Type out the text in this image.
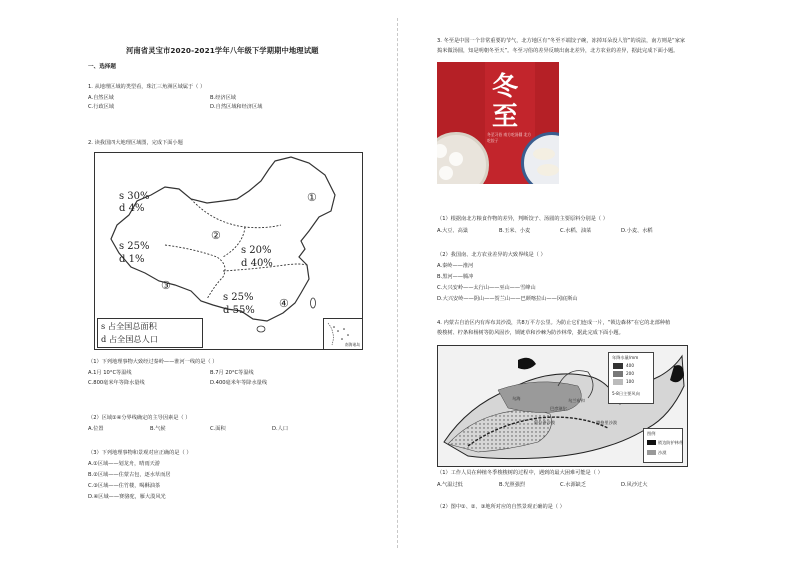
河南省灵宝市2020-2021学年八年级下学期期中地理试题
一、选择题
1. 从地理区域的类型看，珠江三角洲区域属于（ ）
A.自然区域	B.经济区域
C.行政区域	D.自然区域和经济区域
2. 读我国四大地理区域图，完成下面小题
s 30%
d 4%
s 25%
d 1%
s 20%
d 40%
s 25%
d 55%
①
②
③
④
s 占全国总面积
d 占全国总人口
南海诸岛
（1）下列地理事物大致经过秦岭——淮河一线的是（ ）
A.1月 10°C等温线	B.7月 20°C等温线
C.800毫米年等降水量线	D.400毫米年等降水量线
（2）区域①④分界线确定的主导因素是（ ）
A.位置	B.气候	C.面积	D.人口
（3）下列地理事物和景观对应正确的是（ ）
A.①区域——划龙舟，晴雨天游
B.②区域——住蒙古包，逐水草而居
C.③区域——住竹楼，喝酥油茶
D.④区域——赛骆驼，雁大漠风光
3. 冬至是中国一个非常重要的节气，北方地区有“冬至不端饺子碗，冻掉耳朵没人管”的说法，南方则是“家家
捣米做汤圆，知是明朝冬至天”。冬至习俗的差异反映出南北差异，北方农业的差异，据此完成下面小题。
冬
至
冬至习俗 南方吃汤圆 北方吃饺子
（1）根据南北方粮食作物的差异，判断饺子、汤圆的主要原料分别是（ ）
A.大豆、高粱	B.玉米、小麦	C.水稻、油菜	D.小麦、水稻
（2）我国南、北方农业差异的大致界线是（ ）
A.秦岭——淮河
B.黑河——腾冲
C.大兴安岭——太行山——巫山——雪峰山
D.大兴安岭——阴山——贺兰山——巴颜喀拉山——冈底斯山
4. 内蒙古自治区内有库布其沙漠，共8万平方公里。为防止它们连成一片，“锁边森林”在它的北部种植
梭梭树、柠条和杨树等防风固沙，锁链草和沙棘为防沙林带，据此完成下面小题。
年降水量/mm
400
200
100
5-8日主要风向
乌海
巴彦淖尔
阿拉善沙漠
乌兰布和
腾格里沙漠
图例
锁边防护林带
沙漠
（1）工作人员在种植冬季梭梭树的过程中，遇到的最大困难可能是（ ）
A.气温过低	B.光照强烈	C.水源缺乏	D.风沙过大
（2）图中①、②、③地所对应的自然景观正确的是（ ）
